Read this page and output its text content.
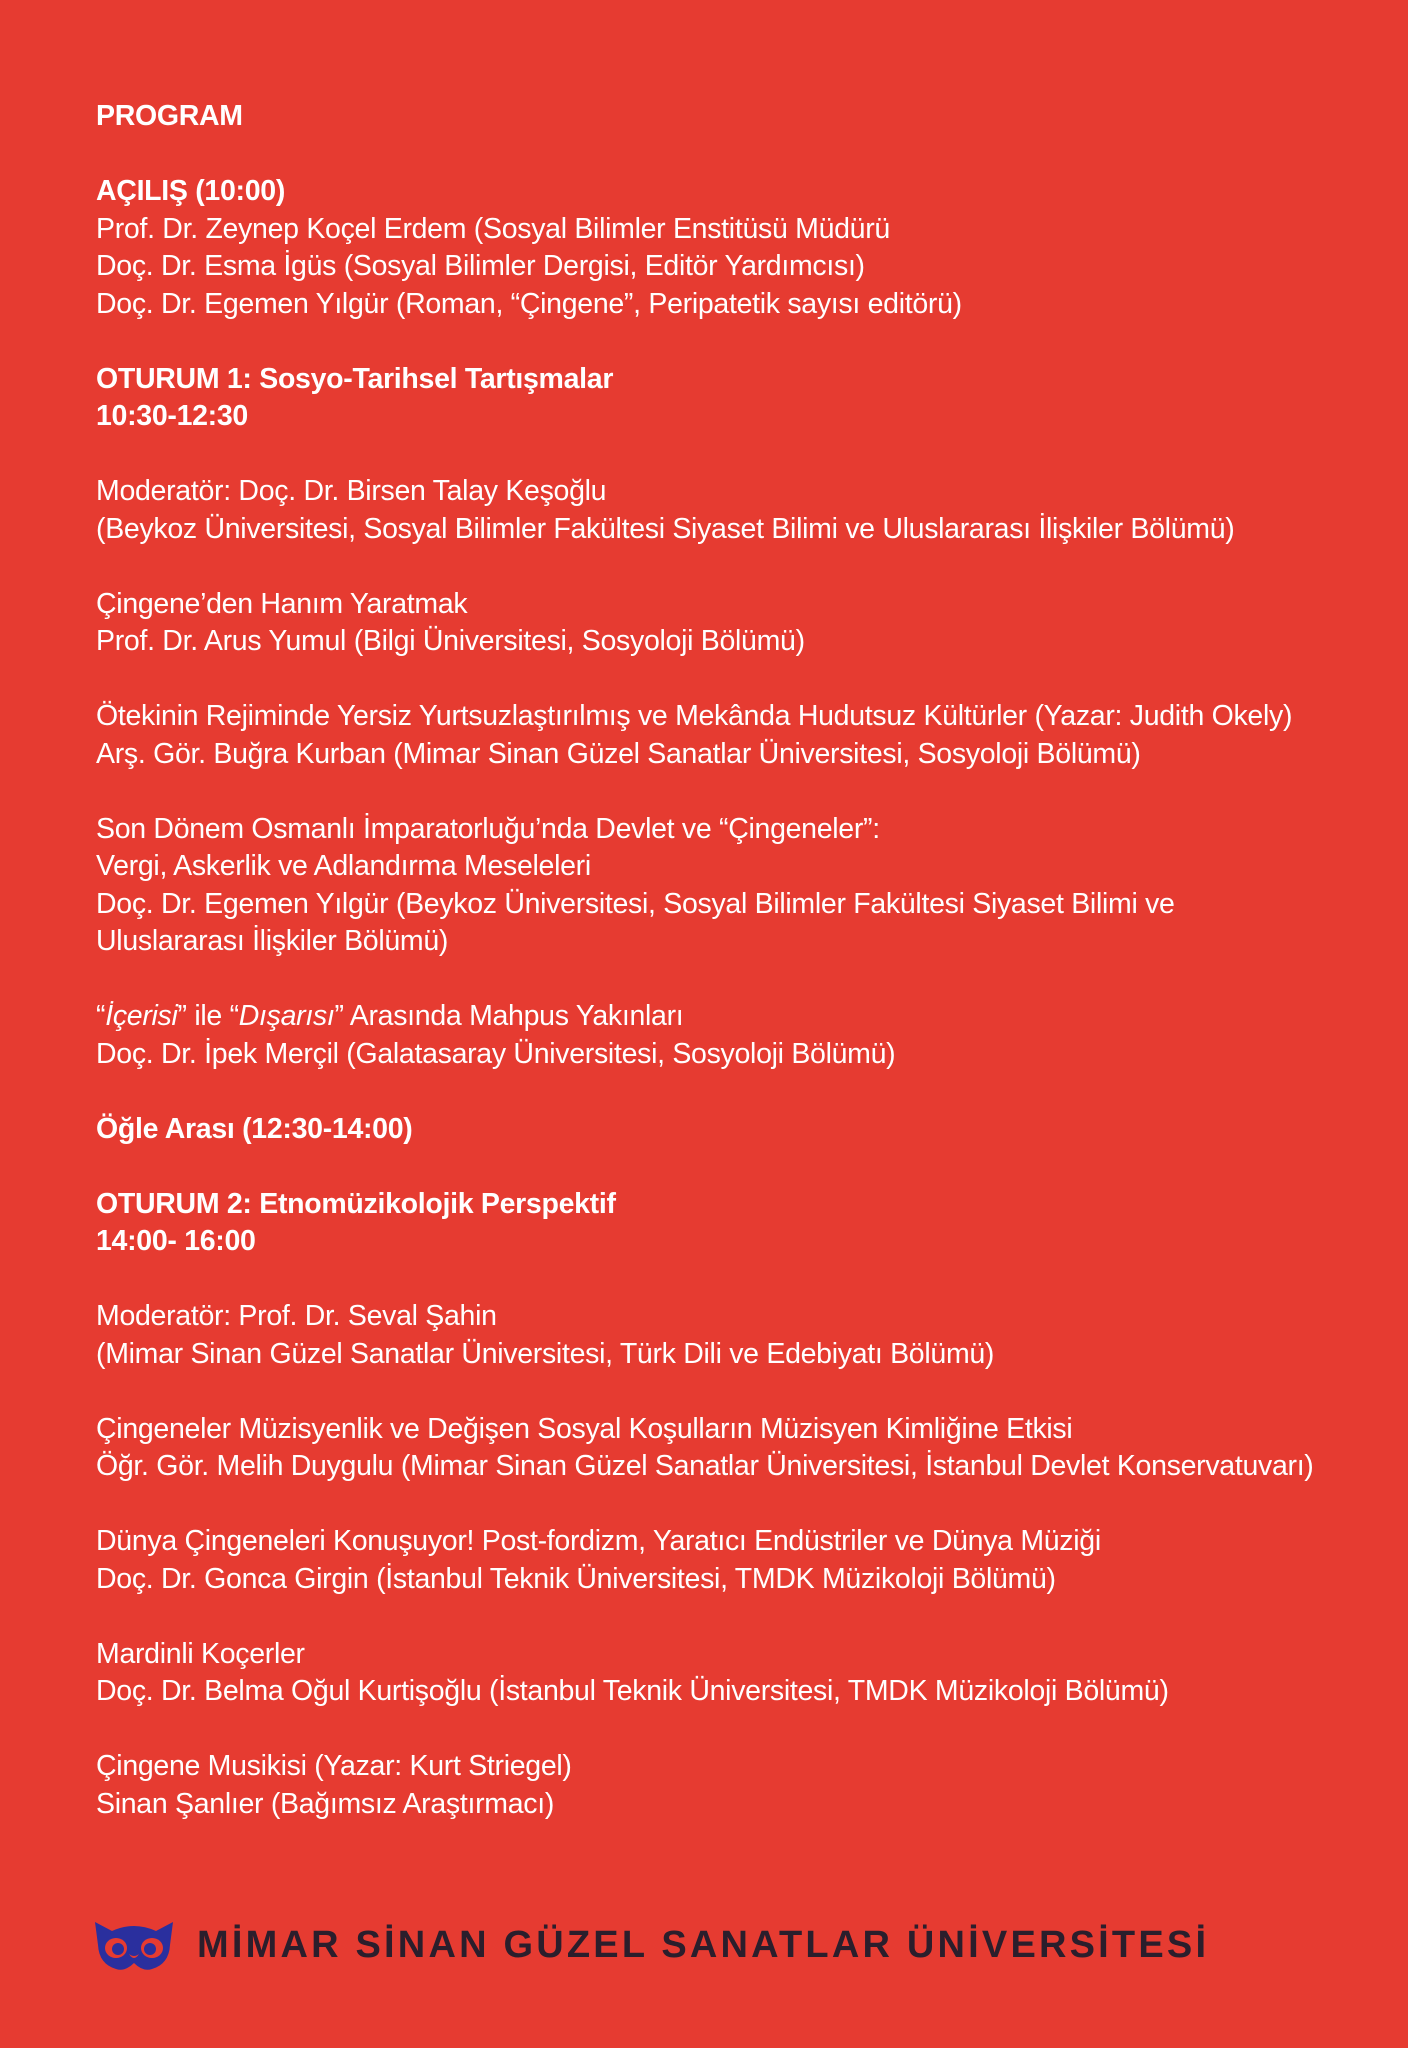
PROGRAM
AÇILIŞ (10:00)
Prof. Dr. Zeynep Koçel Erdem (Sosyal Bilimler Enstitüsü Müdürü
Doç. Dr. Esma İgüs (Sosyal Bilimler Dergisi, Editör Yardımcısı)
Doç. Dr. Egemen Yılgür (Roman, “Çingene”, Peripatetik sayısı editörü)
OTURUM 1: Sosyo-Tarihsel Tartışmalar
10:30-12:30
Moderatör: Doç. Dr. Birsen Talay Keşoğlu
(Beykoz Üniversitesi, Sosyal Bilimler Fakültesi Siyaset Bilimi ve Uluslararası İlişkiler Bölümü)
Çingene’den Hanım Yaratmak
Prof. Dr. Arus Yumul (Bilgi Üniversitesi, Sosyoloji Bölümü)
Ötekinin Rejiminde Yersiz Yurtsuzlaştırılmış ve Mekânda Hudutsuz Kültürler (Yazar: Judith Okely)
Arş. Gör. Buğra Kurban (Mimar Sinan Güzel Sanatlar Üniversitesi, Sosyoloji Bölümü)
Son Dönem Osmanlı İmparatorluğu’nda Devlet ve “Çingeneler”:
Vergi, Askerlik ve Adlandırma Meseleleri
Doç. Dr. Egemen Yılgür (Beykoz Üniversitesi, Sosyal Bilimler Fakültesi Siyaset Bilimi ve
Uluslararası İlişkiler Bölümü)
“İçerisi” ile “Dışarısı” Arasında Mahpus Yakınları
Doç. Dr. İpek Merçil (Galatasaray Üniversitesi, Sosyoloji Bölümü)
Öğle Arası (12:30-14:00)
OTURUM 2: Etnomüzikolojik Perspektif
14:00- 16:00
Moderatör: Prof. Dr. Seval Şahin
(Mimar Sinan Güzel Sanatlar Üniversitesi, Türk Dili ve Edebiyatı Bölümü)
Çingeneler Müzisyenlik ve Değişen Sosyal Koşulların Müzisyen Kimliğine Etkisi
Öğr. Gör. Melih Duygulu (Mimar Sinan Güzel Sanatlar Üniversitesi, İstanbul Devlet Konservatuvarı)
Dünya Çingeneleri Konuşuyor! Post-fordizm, Yaratıcı Endüstriler ve Dünya Müziği
Doç. Dr. Gonca Girgin (İstanbul Teknik Üniversitesi, TMDK Müzikoloji Bölümü)
Mardinli Koçerler
Doç. Dr. Belma Oğul Kurtişoğlu (İstanbul Teknik Üniversitesi, TMDK Müzikoloji Bölümü)
Çingene Musikisi (Yazar: Kurt Striegel)
Sinan Şanlıer (Bağımsız Araştırmacı)
MİMAR SİNAN GÜZEL SANATLAR ÜNİVERSİTESİ
